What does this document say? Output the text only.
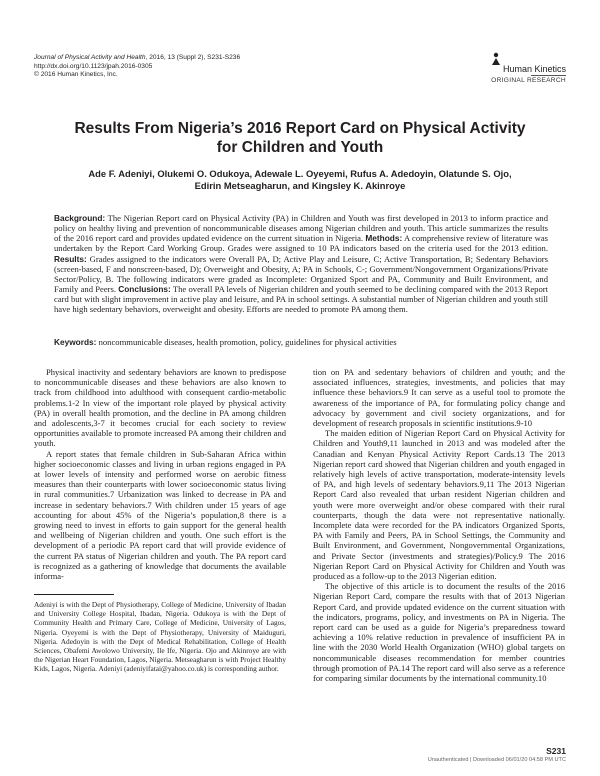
Journal of Physical Activity and Health, 2016, 13 (Suppl 2), S231-S236
http://dx.doi.org/10.1123/jpah.2016-0305
© 2016 Human Kinetics, Inc.
Human Kinetics
ORIGINAL RESEARCH
Results From Nigeria’s 2016 Report Card on Physical Activity
for Children and Youth
Ade F. Adeniyi, Olukemi O. Odukoya, Adewale L. Oyeyemi, Rufus A. Adedoyin, Olatunde S. Ojo,
Edirin Metseagharun, and Kingsley K. Akinroye
Background: The Nigerian Report card on Physical Activity (PA) in Children and Youth was first developed in 2013 to inform practice and policy on healthy living and prevention of noncommunicable diseases among Nigerian children and youth. This article summarizes the results of the 2016 report card and provides updated evidence on the current situation in Nigeria. Methods: A comprehensive review of literature was undertaken by the Report Card Working Group. Grades were assigned to 10 PA indicators based on the criteria used for the 2013 edition. Results: Grades assigned to the indicators were Overall PA, D; Active Play and Leisure, C; Active Transportation, B; Sedentary Behaviors (screen-based, F and nonscreen-based, D); Overweight and Obesity, A; PA in Schools, C-; Government/Nongovernment Organizations/Private Sector/Policy, B. The following indicators were graded as Incomplete: Organized Sport and PA, Community and Built Environment, and Family and Peers. Conclusions: The overall PA levels of Nigerian children and youth seemed to be declining compared with the 2013 Report card but with slight improvement in active play and leisure, and PA in school settings. A substantial number of Nigerian children and youth still have high sedentary behaviors, overweight and obesity. Efforts are needed to promote PA among them.
Keywords: noncommunicable diseases, health promotion, policy, guidelines for physical activities

Physical inactivity and sedentary behaviors are known to predispose to noncommunicable diseases and these behaviors are also known to track from childhood into adulthood with consequent cardio-metabolic problems.1-2 In view of the important role played by physical activity (PA) in overall health promotion, and the decline in PA among children and adolescents,3-7 it becomes crucial for each society to review opportunities available to promote increased PA among their children and youth.

A report states that female children in Sub-Saharan Africa within higher socioeconomic classes and living in urban regions engaged in PA at lower levels of intensity and performed worse on aerobic fitness measures than their counterparts with lower socioeconomic status living in rural communities.7 Urbanization was linked to decrease in PA and increase in sedentary behaviors.7 With children under 15 years of age accounting for about 45% of the Nigeria’s population,8 there is a growing need to invest in efforts to gain support for the general health and wellbeing of Nigerian children and youth. One such effort is the development of a periodic PA report card that will provide evidence of the current PA status of Nigerian children and youth. The PA report card is recognized as a gathering of knowledge that documents the available informa-

Adeniyi is with the Dept of Physiotherapy, College of Medicine, University of Ibadan and University College Hospital, Ibadan, Nigeria. Odukoya is with the Dept of Community Health and Primary Care, College of Medicine, University of Lagos, Nigeria. Oyeyemi is with the Dept of Physiotherapy, University of Maiduguri, Nigeria. Adedoyin is with the Dept of Medical Rehabilitation, College of Health Sciences, Obafemi Awolowo University, Ile Ife, Nigeria. Ojo and Akinroye are with the Nigerian Heart Foundation, Lagos, Nigeria. Metseagharun is with Project Healthy Kids, Lagos, Nigeria. Adeniyi (adeniyifatai@yahoo.co.uk) is corresponding author.

tion on PA and sedentary behaviors of children and youth; and the associated influences, strategies, investments, and policies that may influence these behaviors.9 It can serve as a useful tool to promote the awareness of the importance of PA, for formulating policy change and advocacy by government and civil society organizations, and for development of research proposals in scientific institutions.9-10

The maiden edition of Nigerian Report Card on Physical Activity for Children and Youth9,11 launched in 2013 and was modeled after the Canadian and Kenyan Physical Activity Report Cards.13 The 2013 Nigerian report card showed that Nigerian children and youth engaged in relatively high levels of active transportation, moderate-intensity levels of PA, and high levels of sedentary behaviors.9,11 The 2013 Nigerian Report Card also revealed that urban resident Nigerian children and youth were more overweight and/or obese compared with their rural counterparts, though the data were not representative nationally. Incomplete data were recorded for the PA indicators Organized Sports, PA with Family and Peers, PA in School Settings, the Community and Built Environment, and Government, Nongovernmental Organizations, and Private Sector (investments and strategies)/Policy.9 The 2016 Nigerian Report Card on Physical Activity for Children and Youth was produced as a follow-up to the 2013 Nigerian edition.

The objective of this article is to document the results of the 2016 Nigerian Report Card, compare the results with that of 2013 Nigerian Report Card, and provide updated evidence on the current situation with the indicators, programs, policy, and investments on PA in Nigeria. The report card can be used as a guide for Nigeria’s preparedness toward achieving a 10% relative reduction in prevalence of insufficient PA in line with the 2030 World Health Organization (WHO) global targets on noncommunicable diseases recommendation for member countries through promotion of PA.14 The report card will also serve as a reference for comparing similar documents by the international community.10

S231
Unauthenticated | Downloaded 06/01/20 04:58 PM UTC
